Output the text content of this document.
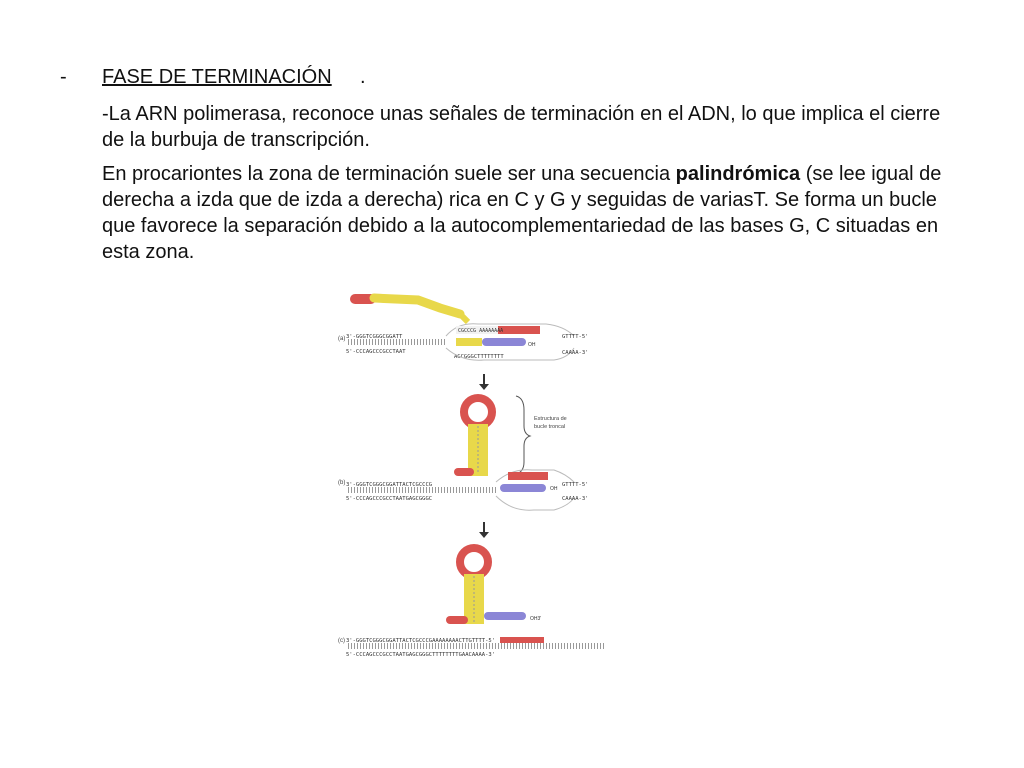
- FASE DE TERMINACIÓN .

-La ARN polimerasa, reconoce unas señales de terminación en el ADN, lo que implica el cierre de la burbuja de transcripción.

En procariontes la zona de terminación suele ser una secuencia palindrómica (se lee igual de derecha a izda que de izda a derecha) rica en C y G y seguidas de variasT. Se forma un bucle que favorece la separación debido a la autocomplementariedad de las bases G, C situadas en esta zona.

(a) 3'-GGGTCGGGCGGATT
5'-CCCAGCCCGCCTAAT
AGCGGGCTTTTTTTT
CGCCCG AAAAAAAA
OH
GTTTT-5'
CAAAA-3'
Estructura de
bucle troncal
(b) 3'-GGGTCGGGCGGATTACTCGCCCG
5'-CCCAGCCCGCCTAATGAGCGGGC
OH
GTTTT-5'
CAAAA-3'
OH3'
(c) 3'-GGGTCGGGCGGATTACTCGCCCGAAAAAAAACTTGTTTT-5'
5'-CCCAGCCCGCCTAATGAGCGGGCTTTTTTTTGAACAAAA-3'
